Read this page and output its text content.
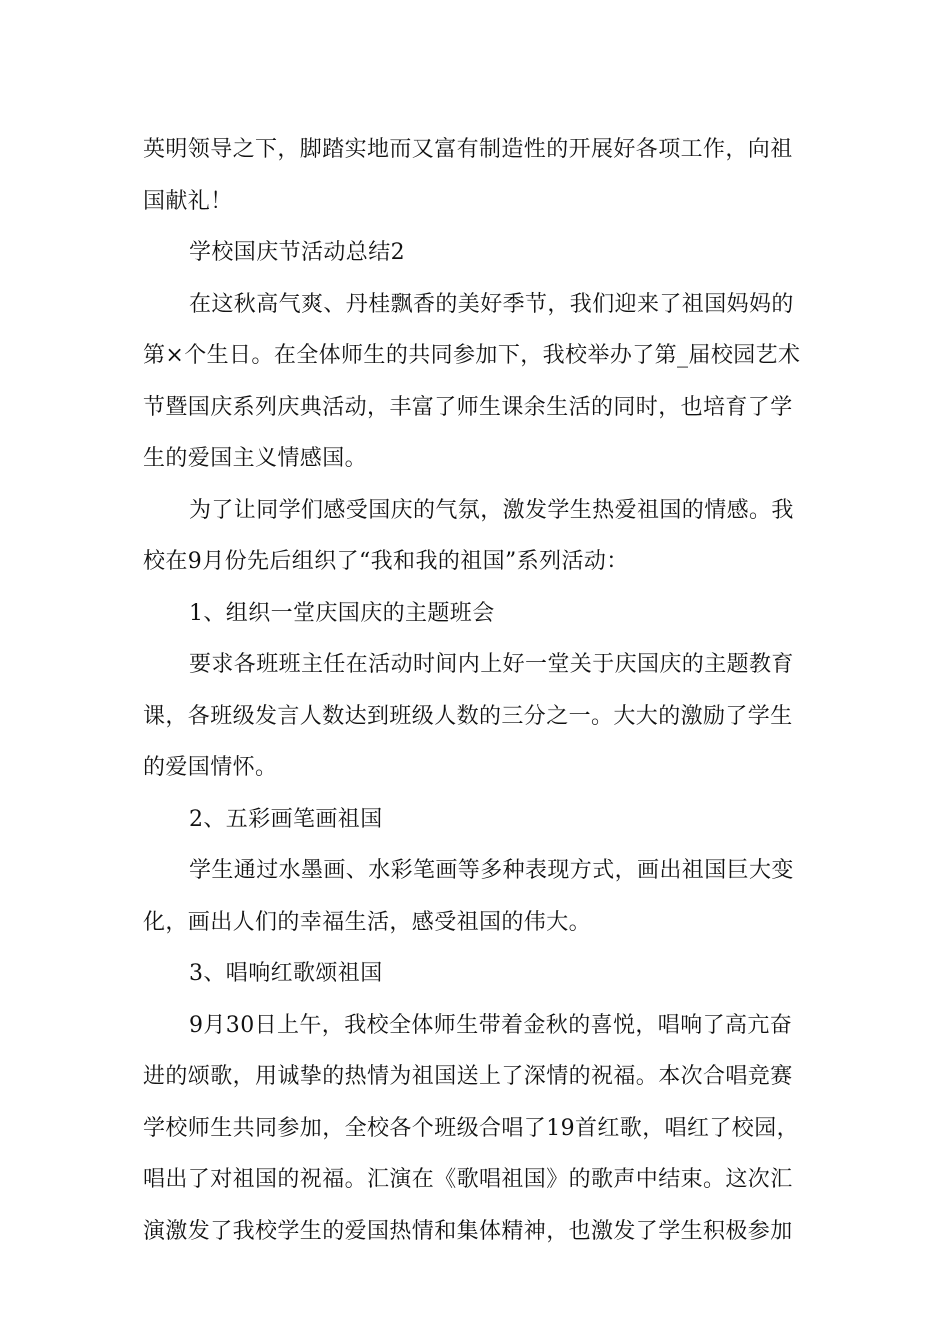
英明领导之下，脚踏实地而又富有制造性的开展好各项工作，向祖
国献礼！
学校国庆节活动总结2
在这秋高气爽、丹桂飘香的美好季节，我们迎来了祖国妈妈的
第×个生日。在全体师生的共同参加下，我校举办了第_届校园艺术
节暨国庆系列庆典活动，丰富了师生课余生活的同时，也培育了学
生的爱国主义情感国。
为了让同学们感受国庆的气氛，激发学生热爱祖国的情感。我
校在9月份先后组织了“我和我的祖国”系列活动：
1、组织一堂庆国庆的主题班会
要求各班班主任在活动时间内上好一堂关于庆国庆的主题教育
课，各班级发言人数达到班级人数的三分之一。大大的激励了学生
的爱国情怀。
2、五彩画笔画祖国
学生通过水墨画、水彩笔画等多种表现方式，画出祖国巨大变
化，画出人们的幸福生活，感受祖国的伟大。
3、唱响红歌颂祖国
9月30日上午，我校全体师生带着金秋的喜悦，唱响了高亢奋
进的颂歌，用诚挚的热情为祖国送上了深情的祝福。本次合唱竞赛
学校师生共同参加，全校各个班级合唱了19首红歌，唱红了校园，
唱出了对祖国的祝福。汇演在《歌唱祖国》的歌声中结束。这次汇
演激发了我校学生的爱国热情和集体精神，也激发了学生积极参加
